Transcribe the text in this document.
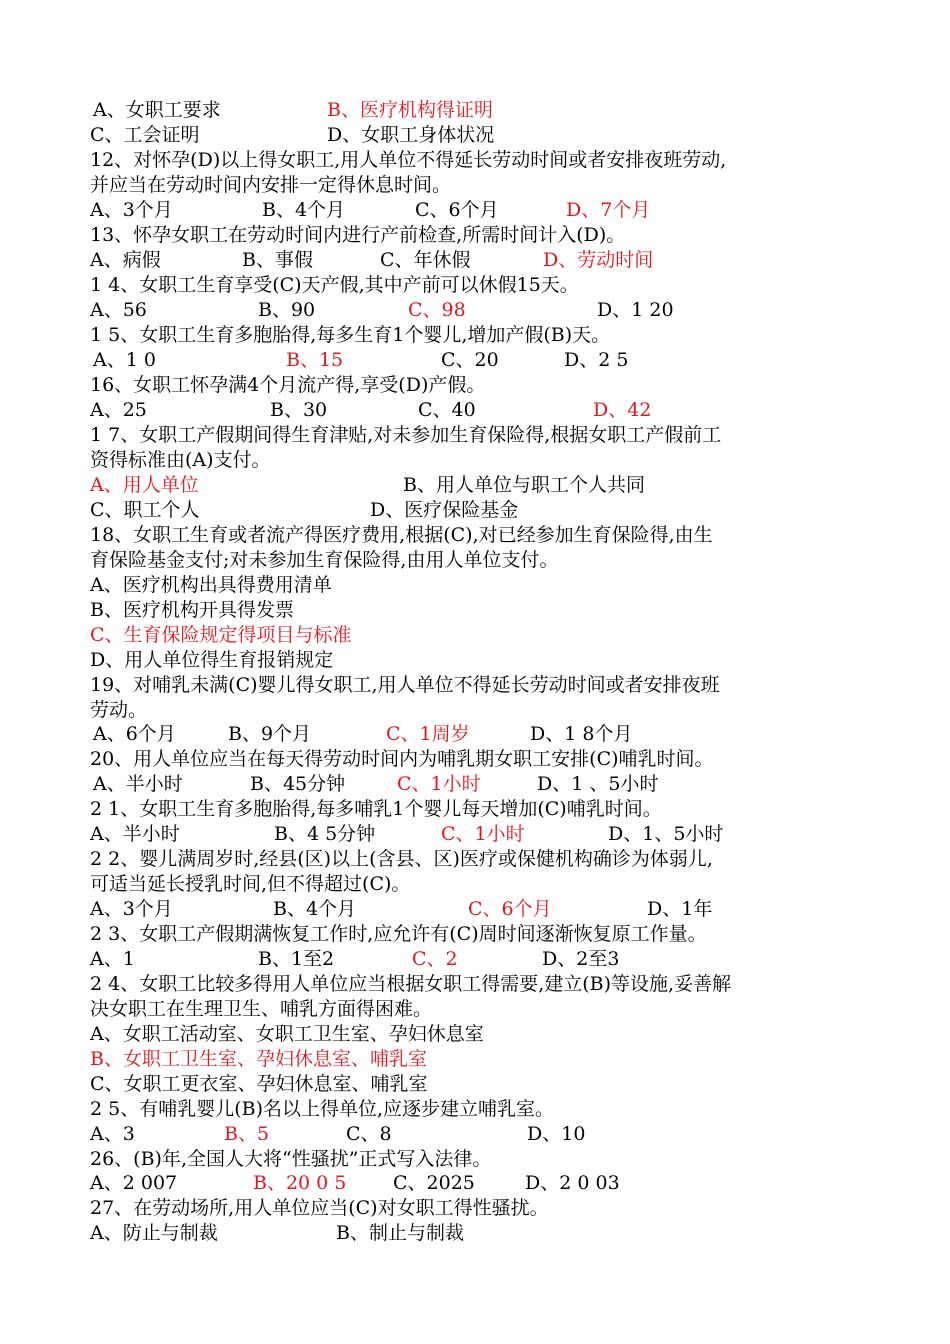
A、女职工要求	B、医疗机构得证明
C、工会证明	D、女职工身体状况
12、对怀孕(D)以上得女职工,用人单位不得延长劳动时间或者安排夜班劳动,
并应当在劳动时间内安排一定得休息时间。
A、3个月	B、4个月	C、6个月	D、7个月
13、怀孕女职工在劳动时间内进行产前检查,所需时间计入(D)。
A、病假	B、事假	C、年休假	D、劳动时间
1 4、女职工生育享受(C)天产假,其中产前可以休假15天。
A、56	B、90	C、98	D、1 20
1 5、女职工生育多胞胎得,每多生育1个婴儿,增加产假(B)天。
A、1 0	B、15	C、20	D、2 5
16、女职工怀孕满4个月流产得,享受(D)产假。
A、25	B、30	C、40	D、42
1 7、女职工产假期间得生育津贴,对未参加生育保险得,根据女职工产假前工
资得标准由(A)支付。
A、用人单位	B、用人单位与职工个人共同
C、职工个人	D、医疗保险基金
18、女职工生育或者流产得医疗费用,根据(C),对已经参加生育保险得,由生
育保险基金支付;对未参加生育保险得,由用人单位支付。
A、医疗机构出具得费用清单
B、医疗机构开具得发票
C、生育保险规定得项目与标准
D、用人单位得生育报销规定
19、对哺乳未满(C)婴儿得女职工,用人单位不得延长劳动时间或者安排夜班
劳动。
A、6个月	B、9个月	C、1周岁	D、1 8个月
20、用人单位应当在每天得劳动时间内为哺乳期女职工安排(C)哺乳时间。
A、半小时	B、45分钟	C、1小时	D、1 、5小时
2 1、女职工生育多胞胎得,每多哺乳1个婴儿每天增加(C)哺乳时间。
A、半小时	B、4 5分钟	C、1小时	D、1、5小时
2 2、婴儿满周岁时,经县(区)以上(含县、区)医疗或保健机构确诊为体弱儿,
可适当延长授乳时间,但不得超过(C)。
A、3个月	B、4个月	C、6个月	D、1年
2 3、女职工产假期满恢复工作时,应允许有(C)周时间逐渐恢复原工作量。
A、1	B、1至2	C、2	D、2至3
2 4、女职工比较多得用人单位应当根据女职工得需要,建立(B)等设施,妥善解
决女职工在生理卫生、哺乳方面得困难。
A、女职工活动室、女职工卫生室、孕妇休息室
B、女职工卫生室、孕妇休息室、哺乳室
C、女职工更衣室、孕妇休息室、哺乳室
2 5、有哺乳婴儿(B)名以上得单位,应逐步建立哺乳室。
A、3	B、5	C、8	D、10
26、(B)年,全国人大将“性骚扰”正式写入法律。
A、2 007	B、20 0 5 C、2025	D、2 0 03
27、在劳动场所,用人单位应当(C)对女职工得性骚扰。
A、防止与制裁	B、制止与制裁
